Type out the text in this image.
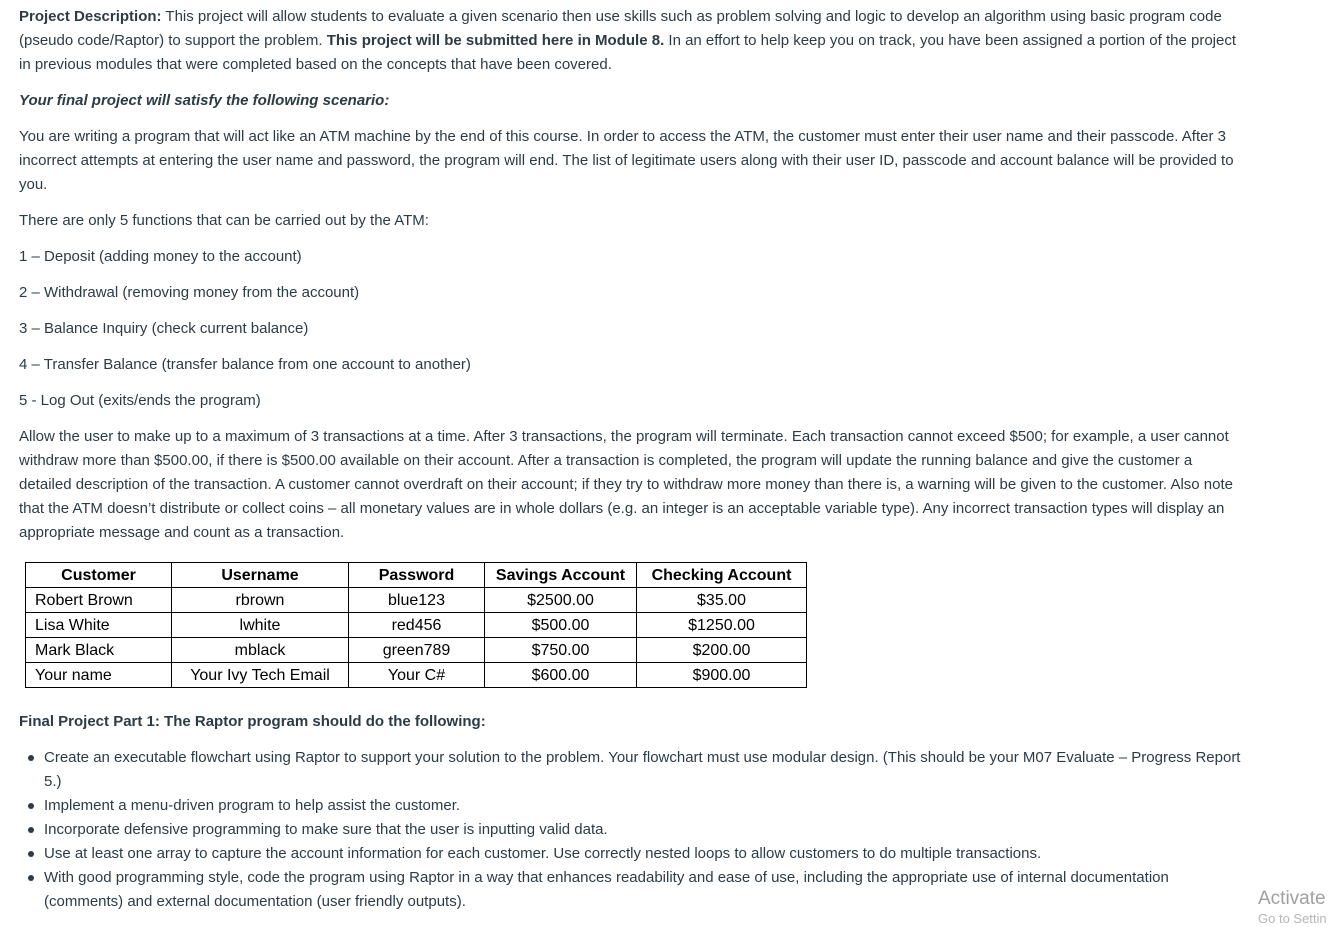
Project Description: This project will allow students to evaluate a given scenario then use skills such as problem solving and logic to develop an algorithm using basic program code (pseudo code/Raptor) to support the problem. This project will be submitted here in Module 8. In an effort to help keep you on track, you have been assigned a portion of the project in previous modules that were completed based on the concepts that have been covered.

Your final project will satisfy the following scenario:

You are writing a program that will act like an ATM machine by the end of this course. In order to access the ATM, the customer must enter their user name and their passcode. After 3 incorrect attempts at entering the user name and password, the program will end. The list of legitimate users along with their user ID, passcode and account balance will be provided to you.

There are only 5 functions that can be carried out by the ATM:

1 – Deposit (adding money to the account)

2 – Withdrawal (removing money from the account)

3 – Balance Inquiry (check current balance)

4 – Transfer Balance (transfer balance from one account to another)

5 - Log Out (exits/ends the program)

Allow the user to make up to a maximum of 3 transactions at a time. After 3 transactions, the program will terminate. Each transaction cannot exceed $500; for example, a user cannot withdraw more than $500.00, if there is $500.00 available on their account. After a transaction is completed, the program will update the running balance and give the customer a detailed description of the transaction. A customer cannot overdraft on their account; if they try to withdraw more money than there is, a warning will be given to the customer. Also note that the ATM doesn’t distribute or collect coins – all monetary values are in whole dollars (e.g. an integer is an acceptable variable type). Any incorrect transaction types will display an appropriate message and count as a transaction.

Customer	Username	Password	Savings Account	Checking Account
Robert Brown	rbrown	blue123	$2500.00	$35.00
Lisa White	lwhite	red456	$500.00	$1250.00
Mark Black	mblack	green789	$750.00	$200.00
Your name	Your Ivy Tech Email	Your C#	$600.00	$900.00

Final Project Part 1: The Raptor program should do the following:

Create an executable flowchart using Raptor to support your solution to the problem. Your flowchart must use modular design. (This should be your M07 Evaluate – Progress Report 5.)
Implement a menu-driven program to help assist the customer.
Incorporate defensive programming to make sure that the user is inputting valid data.
Use at least one array to capture the account information for each customer. Use correctly nested loops to allow customers to do multiple transactions.
With good programming style, code the program using Raptor in a way that enhances readability and ease of use, including the appropriate use of internal documentation (comments) and external documentation (user friendly outputs).	Activate
Go to Settin
